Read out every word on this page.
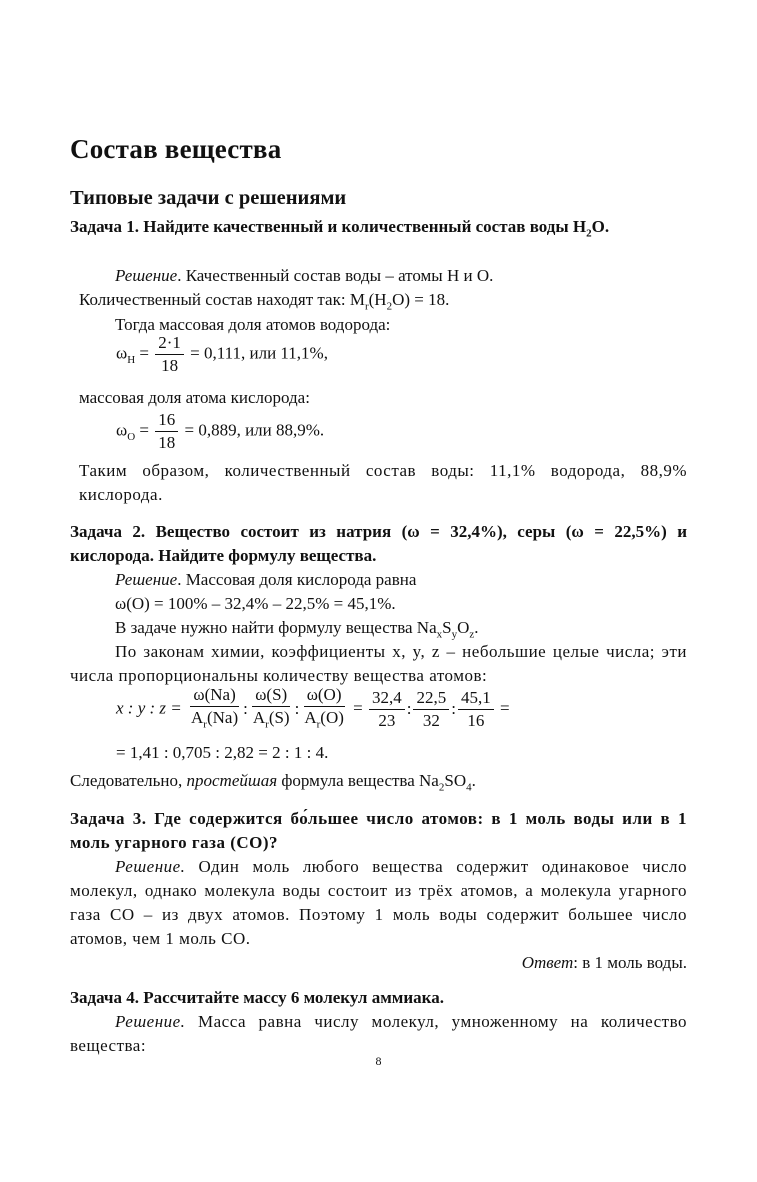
Состав вещества
Типовые задачи с решениями
Задача 1. Найдите качественный и количественный состав воды $H_2O$.

Решение. Качественный состав воды – атомы H и O.

Количественный состав находят так: $M_r(H_2O) = 18$.

Тогда массовая доля атомов водорода:

$\omega_H = \frac{2\cdot 1}{18} = 0,111$, или 11,1%,

массовая доля атома кислорода:

$\omega_O = \frac{16}{18} = 0,889$, или 88,9%.

Таким образом, количественный состав воды: 11,1% водорода, 88,9% кислорода.

Задача 2. Вещество состоит из натрия (ω = 32,4%), серы (ω = 22,5%) и кислорода. Найдите формулу вещества.

Решение. Массовая доля кислорода равна

ω(O) = 100% – 32,4% – 22,5% = 45,1%.

В задаче нужно найти формулу вещества $Na_xS_yO_z$.

По законам химии, коэффициенты x, y, z – небольшие целые числа; эти числа пропорциональны количеству вещества атомов:

x : y : $z = \frac{\omega(Na)}{A_r(Na)}$ : $\frac{\omega(S)}{A_r(S)}$ : $\frac{\omega(O)}{A_r(O)} = \frac{32,4}{23}$ : $\frac{22,5}{32}$ : $\frac{45,1}{16}$ =
= 1,41 : 0,705 : 2,82 = 2 : 1 : 4.

Следовательно, простейшая формула вещества $Na_2SO_4$.

Задача 3. Где содержится бо́льшее число атомов: в 1 моль воды или в 1 моль угарного газа (CO)?

Решение. Один моль любого вещества содержит одинаковое число молекул, однако молекула воды состоит из трёх атомов, а молекула угарного газа CO – из двух атомов. Поэтому 1 моль воды содержит большее число атомов, чем 1 моль CO.

Ответ: в 1 моль воды.

Задача 4. Рассчитайте массу 6 молекул аммиака.

Решение. Масса равна числу молекул, умноженному на количество вещества:

8
